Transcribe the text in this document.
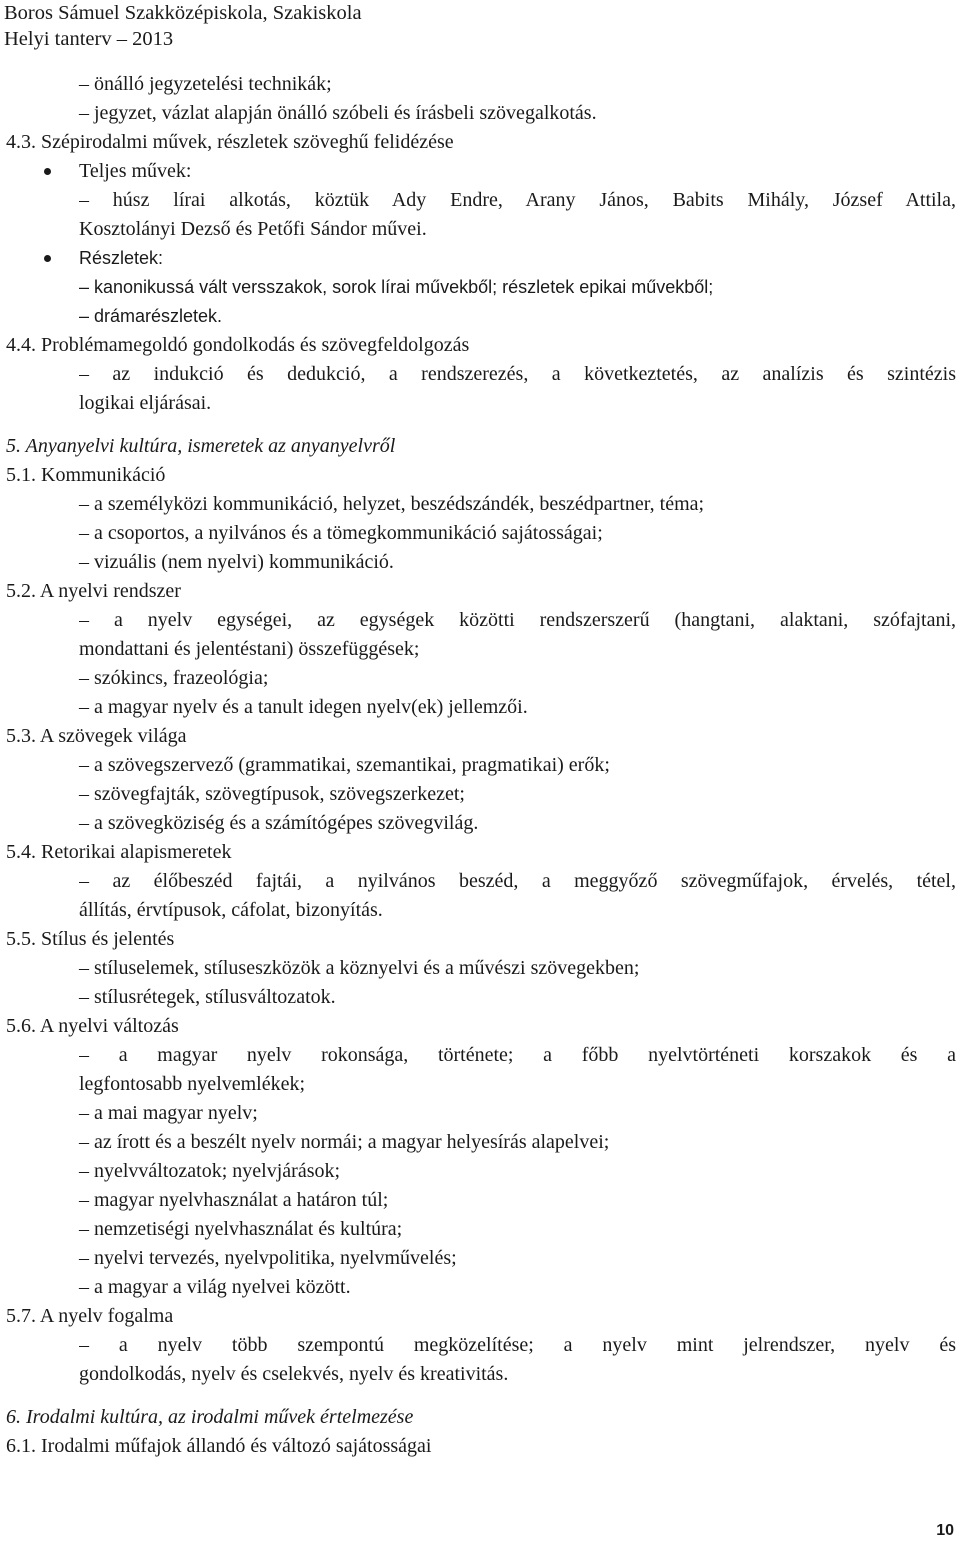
Boros Sámuel Szakközépiskola, Szakiskola
Helyi tanterv – 2013
– önálló jegyzetelési technikák;
– jegyzet, vázlat alapján önálló szóbeli és írásbeli szövegalkotás.
4.3. Szépirodalmi művek, részletek szöveghű felidézése
Teljes művek:
– húsz lírai alkotás, köztük Ady Endre, Arany János, Babits Mihály, József Attila,
Kosztolányi Dezső és Petőfi Sándor művei.
Részletek:
– kanonikussá vált versszakok, sorok lírai művekből; részletek epikai művekből;
– drámarészletek.
4.4. Problémamegoldó gondolkodás és szövegfeldolgozás
– az indukció és dedukció, a rendszerezés, a következtetés, az analízis és szintézis
logikai eljárásai.
5. Anyanyelvi kultúra, ismeretek az anyanyelvről
5.1. Kommunikáció
– a személyközi kommunikáció, helyzet, beszédszándék, beszédpartner, téma;
– a csoportos, a nyilvános és a tömegkommunikáció sajátosságai;
– vizuális (nem nyelvi) kommunikáció.
5.2. A nyelvi rendszer
– a nyelv egységei, az egységek közötti rendszerszerű (hangtani, alaktani, szófajtani,
mondattani és jelentéstani) összefüggések;
– szókincs, frazeológia;
– a magyar nyelv és a tanult idegen nyelv(ek) jellemzői.
5.3. A szövegek világa
– a szövegszervező (grammatikai, szemantikai, pragmatikai) erők;
– szövegfajták, szövegtípusok, szövegszerkezet;
– a szövegköziség és a számítógépes szövegvilág.
5.4. Retorikai alapismeretek
– az élőbeszéd fajtái, a nyilvános beszéd, a meggyőző szövegműfajok, érvelés, tétel,
állítás, érvtípusok, cáfolat, bizonyítás.
5.5. Stílus és jelentés
– stíluselemek, stíluseszközök a köznyelvi és a művészi szövegekben;
– stílusrétegek, stílusváltozatok.
5.6. A nyelvi változás
– a magyar nyelv rokonsága, története; a főbb nyelvtörténeti korszakok és a
legfontosabb nyelvemlékek;
– a mai magyar nyelv;
– az írott és a beszélt nyelv normái; a magyar helyesírás alapelvei;
– nyelvváltozatok; nyelvjárások;
– magyar nyelvhasználat a határon túl;
– nemzetiségi nyelvhasználat és kultúra;
– nyelvi tervezés, nyelvpolitika, nyelvművelés;
– a magyar a világ nyelvei között.
5.7. A nyelv fogalma
– a nyelv több szempontú megközelítése; a nyelv mint jelrendszer, nyelv és
gondolkodás, nyelv és cselekvés, nyelv és kreativitás.
6. Irodalmi kultúra, az irodalmi művek értelmezése
6.1. Irodalmi műfajok állandó és változó sajátosságai
10
